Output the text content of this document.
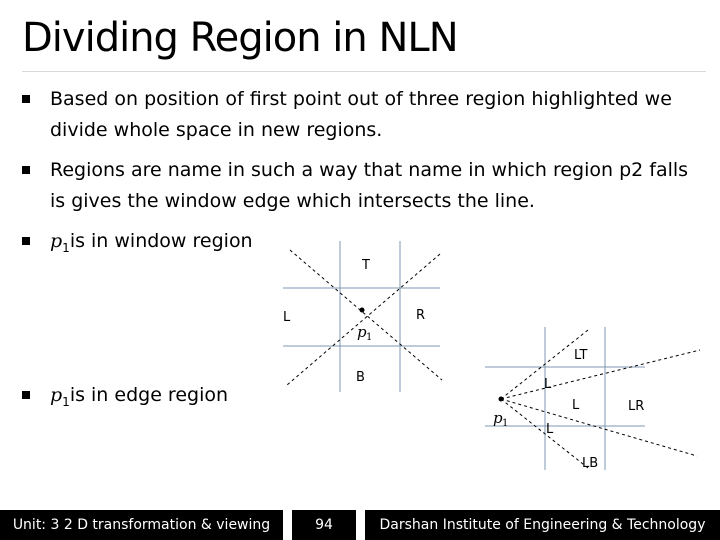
Dividing Region in NLN
Based on position of first point out of three region highlighted we
divide whole space in new regions.
Regions are name in such a way that name in which region p2 falls
is gives the window edge which intersects the line.
$p_1is$ in window region
$p_1is$ in edge region
p 1
T
L	R
B
p 1
LT
L
L	LR
L
LB
Unit: 3 2 D transformation & viewing	94	Darshan Institute of Engineering & Technology
